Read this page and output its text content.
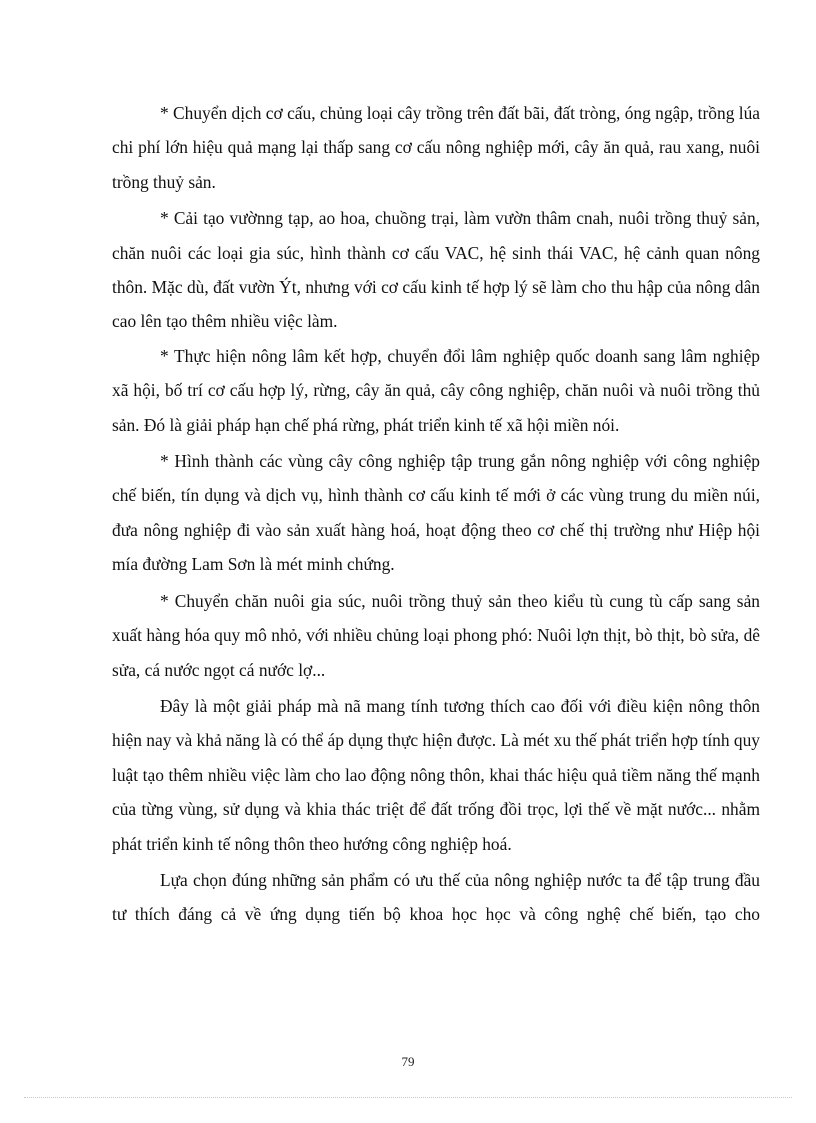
* Chuyển dịch cơ cấu, chủng loại cây trồng trên đất bãi, đất tròng, óng ngập, trồng lúa chi phí lớn hiệu quả mạng lại thấp sang cơ cấu nông nghiệp mới, cây ăn quả, rau xang, nuôi trồng thuỷ sản.

* Cải tạo vườnng tạp, ao hoa, chuồng trại, làm vườn thâm cnah, nuôi trồng thuỷ sản, chăn nuôi các loại gia súc, hình thành cơ cấu VAC, hệ sinh thái VAC, hệ cảnh quan nông thôn. Mặc dù, đất vườn Ýt, nhưng với cơ cấu kinh tế hợp lý sẽ làm cho thu hập của nông dân cao lên tạo thêm nhiều việc làm.

* Thực hiện nông lâm kết hợp, chuyển đổi lâm nghiệp quốc doanh sang lâm nghiệp xã hội, bố trí cơ cấu hợp lý, rừng, cây ăn quả, cây công nghiệp, chăn nuôi và nuôi trồng thủ sản. Đó là giải pháp hạn chế phá rừng, phát triển kinh tế xã hội miền nói.

* Hình thành các vùng cây công nghiệp tập trung gắn nông nghiệp với công nghiệp chế biến, tín dụng và dịch vụ, hình thành cơ cấu kinh tế mới ở các vùng trung du miền núi, đưa nông nghiệp đi vào sản xuất hàng hoá, hoạt động theo cơ chế thị trường như Hiệp hội mía đường Lam Sơn là mét minh chứng.

* Chuyển chăn nuôi gia súc, nuôi trồng thuỷ sản theo kiểu tù cung tù cấp sang sản xuất hàng hóa quy mô nhỏ, với nhiều chủng loại phong phó: Nuôi lợn thịt, bò thịt, bò sửa, dê sửa, cá nước ngọt cá nước lợ...

Đây là một giải pháp mà nã mang tính tương thích cao đối với điều kiện nông thôn hiện nay và khả năng là có thể áp dụng thực hiện được. Là mét xu thế phát triển hợp tính quy luật tạo thêm nhiều việc làm cho lao động nông thôn, khai thác hiệu quả tiềm năng thế mạnh của từng vùng, sử dụng và khia thác triệt để đất trống đồi trọc, lợi thế về mặt nước... nhằm phát triển kinh tế nông thôn theo hướng công nghiệp hoá.

Lựa chọn đúng những sản phẩm có ưu thế của nông nghiệp nước ta để tập trung đầu tư thích đáng cả về ứng dụng tiến bộ khoa học học và công nghệ chế biến, tạo cho

79
